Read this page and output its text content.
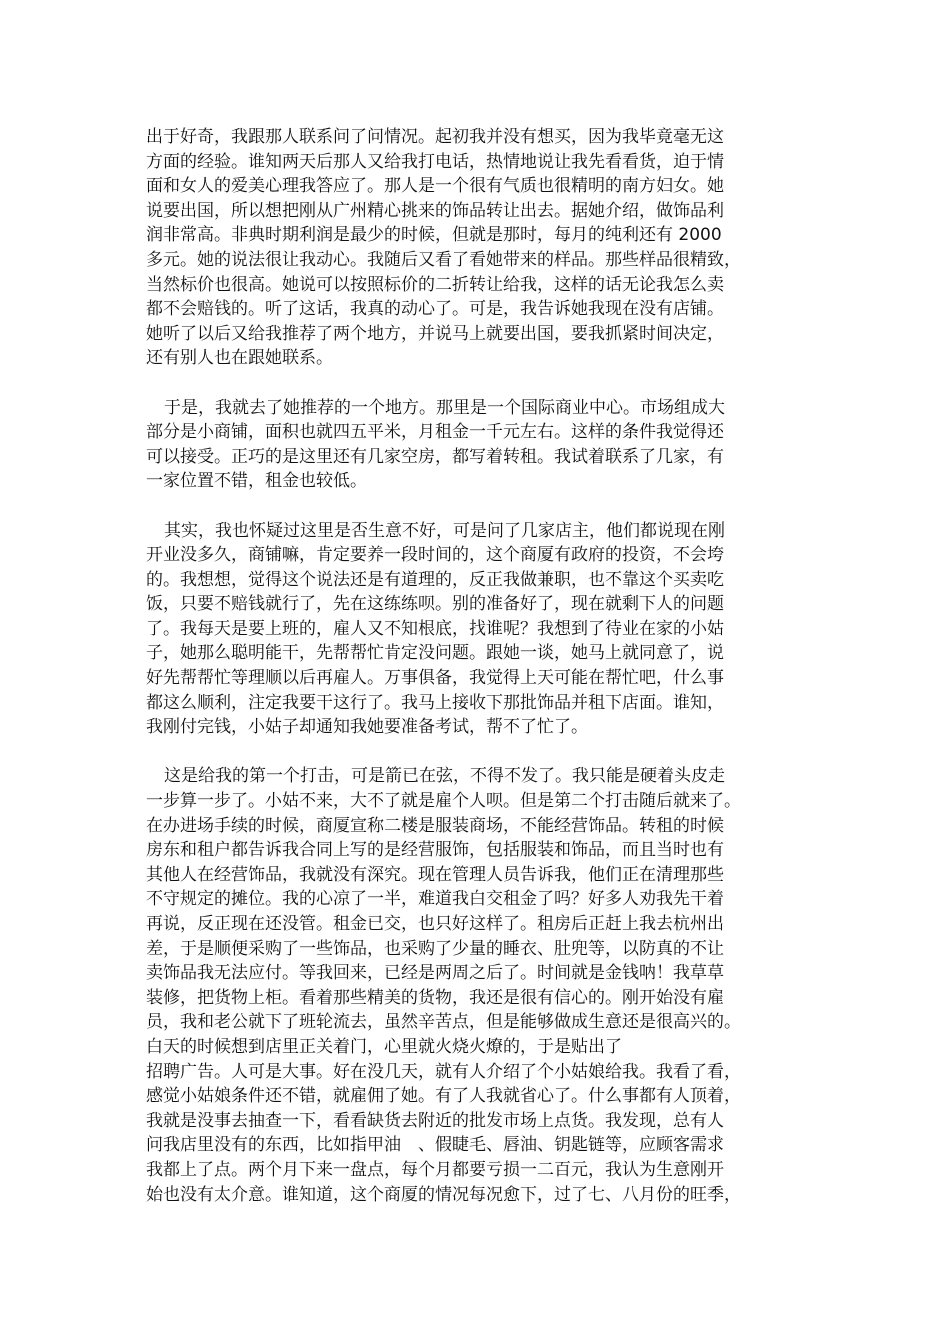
出于好奇，我跟那人联系问了问情况。起初我并没有想买，因为我毕竟毫无这
方面的经验。谁知两天后那人又给我打电话，热情地说让我先看看货，迫于情
面和女人的爱美心理我答应了。那人是一个很有气质也很精明的南方妇女。她
说要出国，所以想把刚从广州精心挑来的饰品转让出去。据她介绍，做饰品利
润非常高。非典时期利润是最少的时候，但就是那时，每月的纯利还有 2000
多元。她的说法很让我动心。我随后又看了看她带来的样品。那些样品很精致，
当然标价也很高。她说可以按照标价的二折转让给我，这样的话无论我怎么卖
都不会赔钱的。听了这话，我真的动心了。可是，我告诉她我现在没有店铺。
她听了以后又给我推荐了两个地方，并说马上就要出国，要我抓紧时间决定，
还有别人也在跟她联系。
于是，我就去了她推荐的一个地方。那里是一个国际商业中心。市场组成大
部分是小商铺，面积也就四五平米，月租金一千元左右。这样的条件我觉得还
可以接受。正巧的是这里还有几家空房，都写着转租。我试着联系了几家，有
一家位置不错，租金也较低。
其实，我也怀疑过这里是否生意不好，可是问了几家店主，他们都说现在刚
开业没多久，商铺嘛，肯定要养一段时间的，这个商厦有政府的投资，不会垮
的。我想想，觉得这个说法还是有道理的，反正我做兼职，也不靠这个买卖吃
饭，只要不赔钱就行了，先在这练练呗。别的准备好了，现在就剩下人的问题
了。我每天是要上班的，雇人又不知根底，找谁呢？我想到了待业在家的小姑
子，她那么聪明能干，先帮帮忙肯定没问题。跟她一谈，她马上就同意了，说
好先帮帮忙等理顺以后再雇人。万事俱备，我觉得上天可能在帮忙吧，什么事
都这么顺利，注定我要干这行了。我马上接收下那批饰品并租下店面。谁知，
我刚付完钱，小姑子却通知我她要准备考试，帮不了忙了。
这是给我的第一个打击，可是箭已在弦，不得不发了。我只能是硬着头皮走
一步算一步了。小姑不来，大不了就是雇个人呗。但是第二个打击随后就来了。
在办进场手续的时候，商厦宣称二楼是服装商场，不能经营饰品。转租的时候
房东和租户都告诉我合同上写的是经营服饰，包括服装和饰品，而且当时也有
其他人在经营饰品，我就没有深究。现在管理人员告诉我，他们正在清理那些
不守规定的摊位。我的心凉了一半，难道我白交租金了吗？好多人劝我先干着
再说，反正现在还没管。租金已交，也只好这样了。租房后正赶上我去杭州出
差，于是顺便采购了一些饰品，也采购了少量的睡衣、肚兜等，以防真的不让
卖饰品我无法应付。等我回来，已经是两周之后了。时间就是金钱呐！我草草
装修，把货物上柜。看着那些精美的货物，我还是很有信心的。刚开始没有雇
员，我和老公就下了班轮流去，虽然辛苦点，但是能够做成生意还是很高兴的。
白天的时候想到店里正关着门，心里就火烧火燎的，于是贴出了
招聘广告。人可是大事。好在没几天，就有人介绍了个小姑娘给我。我看了看，
感觉小姑娘条件还不错，就雇佣了她。有了人我就省心了。什么事都有人顶着，
我就是没事去抽查一下，看看缺货去附近的批发市场上点货。我发现，总有人
问我店里没有的东西，比如指甲油　、假睫毛、唇油、钥匙链等，应顾客需求
我都上了点。两个月下来一盘点，每个月都要亏损一二百元，我认为生意刚开
始也没有太介意。谁知道，这个商厦的情况每况愈下，过了七、八月份的旺季，
